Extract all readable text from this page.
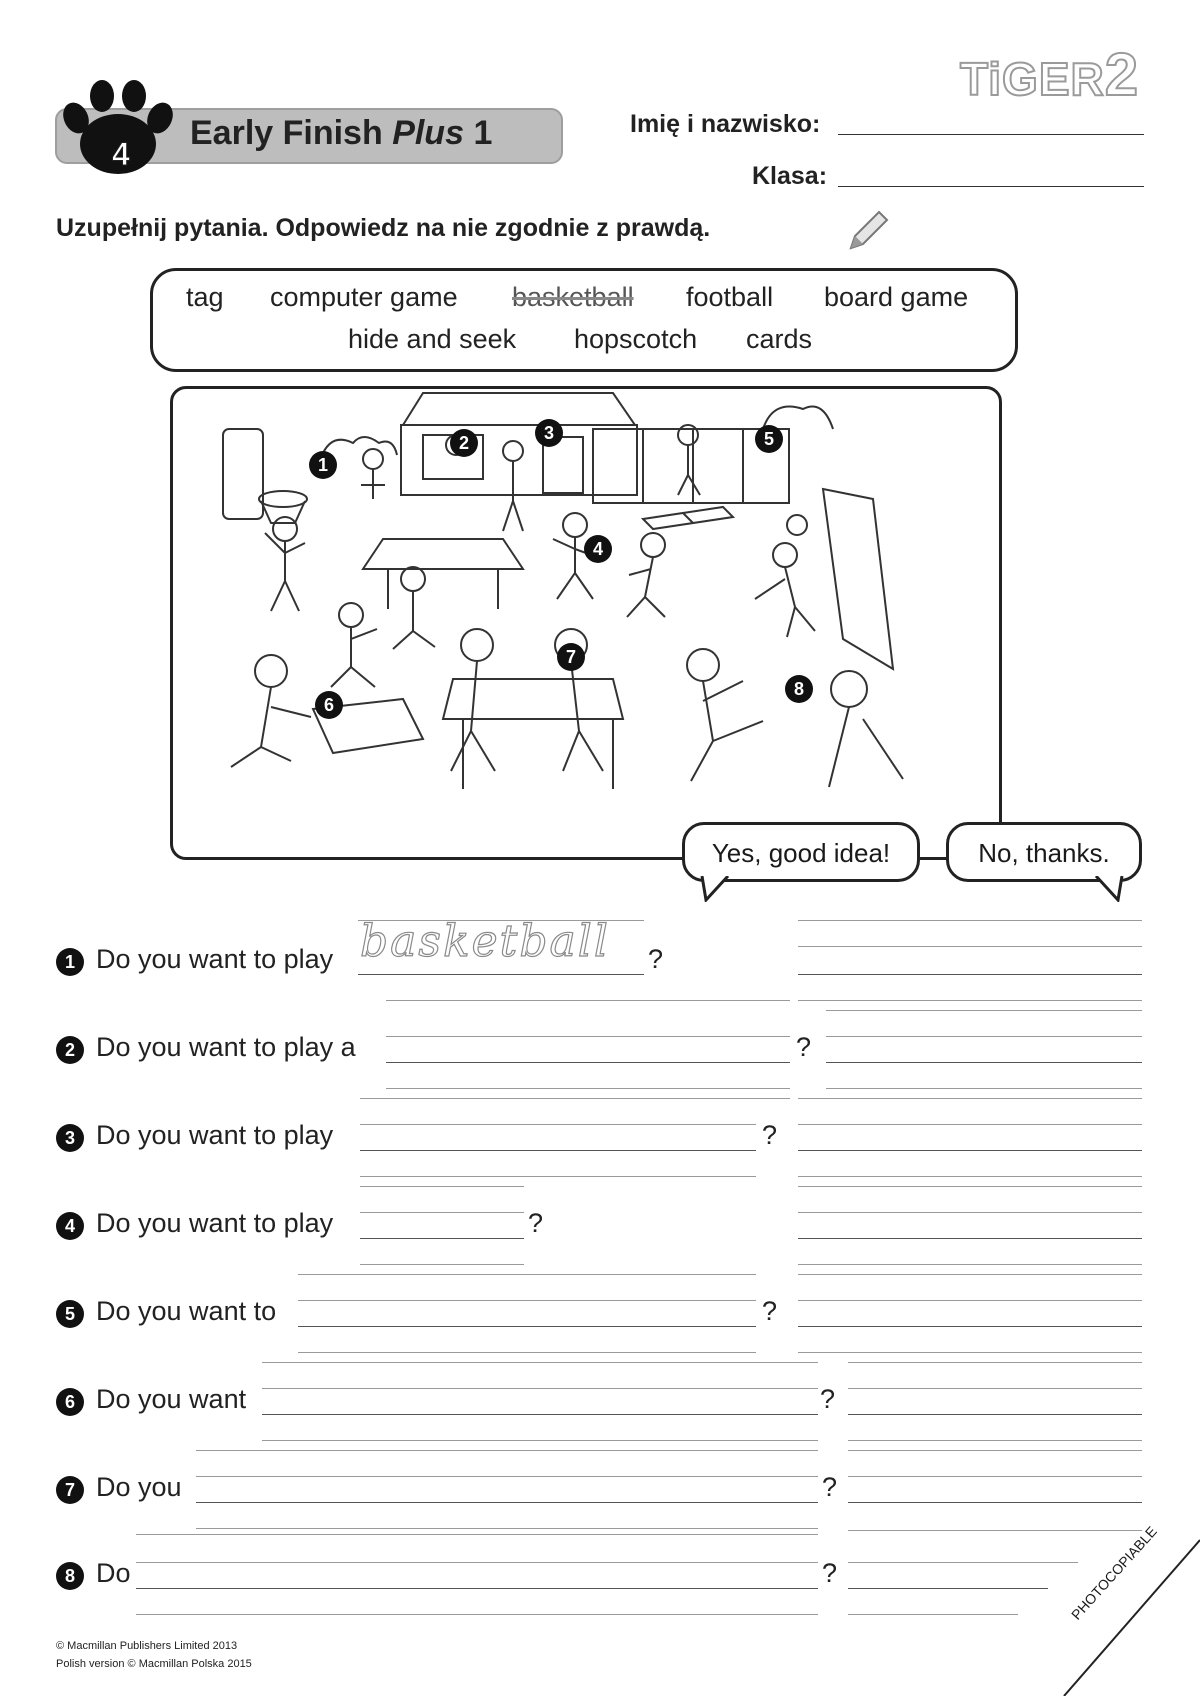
TiGER2
4
Early Finish Plus 1	Imię i nazwisko:
Klasa:
Uzupełnij pytania. Odpowiedz na nie zgodnie z prawdą.
tag computer game basketball football board game
hide and seek hopscotch cards
1
2	3	5
4
6
7
8
Yes, good idea!	No, thanks.
1 Do you want to play basketball ?
2 Do you want to play a	?
3 Do you want to play	?
4 Do you want to play	?
5 Do you want to	?
6 Do you want	?
7 Do you	?
8 Do	?
© Macmillan Publishers Limited 2013
Polish version © Macmillan Polska 2015
PHOTOCOPIABLE
